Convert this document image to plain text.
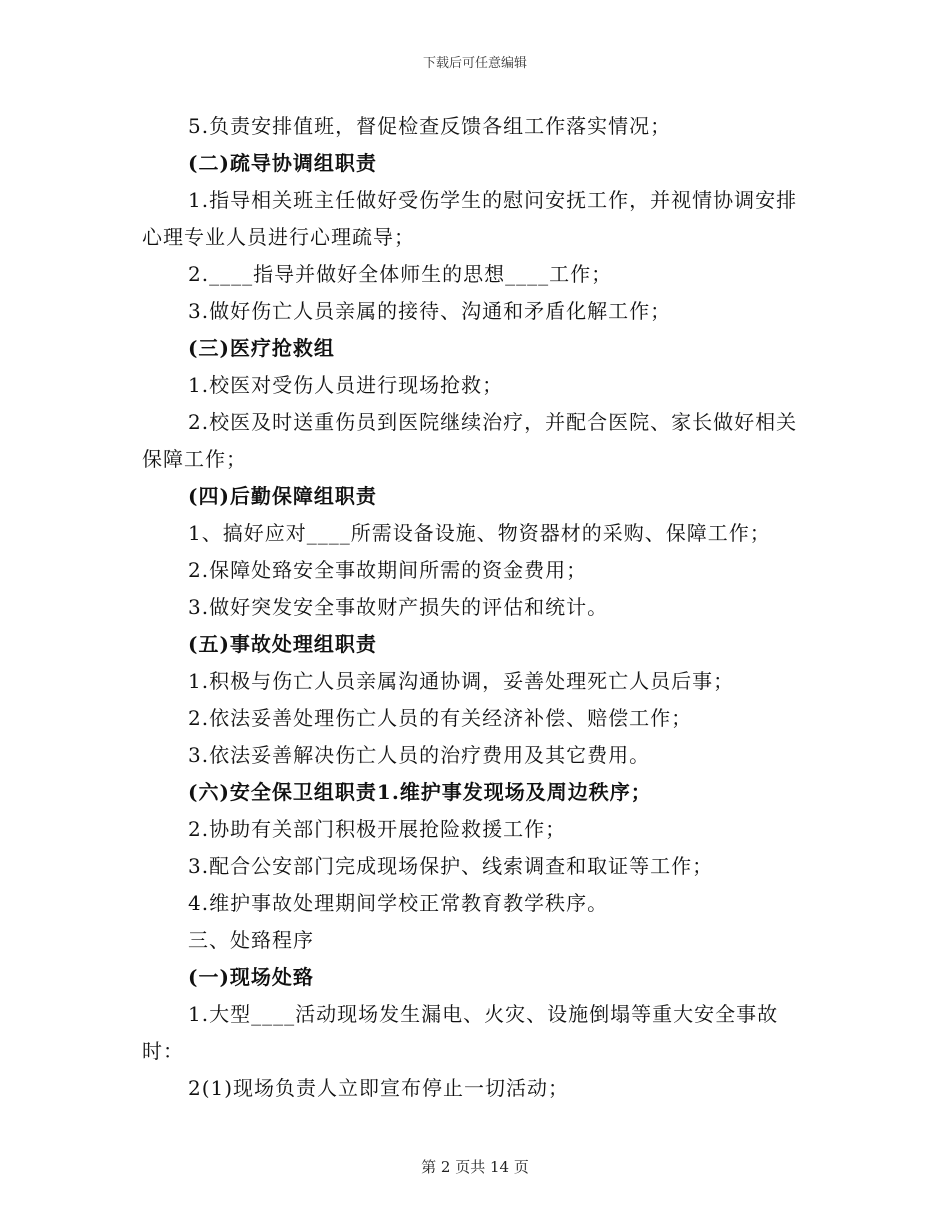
下载后可任意编辑

5.负责安排值班，督促检查反馈各组工作落实情况；

(二)疏导协调组职责

1.指导相关班主任做好受伤学生的慰问安抚工作，并视情协调安排心理专业人员进行心理疏导；

2.____指导并做好全体师生的思想____工作；

3.做好伤亡人员亲属的接待、沟通和矛盾化解工作；

(三)医疗抢救组

1.校医对受伤人员进行现场抢救；

2.校医及时送重伤员到医院继续治疗，并配合医院、家长做好相关保障工作；

(四)后勤保障组职责

1、搞好应对____所需设备设施、物资器材的采购、保障工作；

2.保障处臵安全事故期间所需的资金费用；

3.做好突发安全事故财产损失的评估和统计。

(五)事故处理组职责

1.积极与伤亡人员亲属沟通协调，妥善处理死亡人员后事；

2.依法妥善处理伤亡人员的有关经济补偿、赔偿工作；

3.依法妥善解决伤亡人员的治疗费用及其它费用。

(六)安全保卫组职责1.维护事发现场及周边秩序；

2.协助有关部门积极开展抢险救援工作；

3.配合公安部门完成现场保护、线索调查和取证等工作；

4.维护事故处理期间学校正常教育教学秩序。

三、处臵程序

(一)现场处臵

1.大型____活动现场发生漏电、火灾、设施倒塌等重大安全事故时：

2(1)现场负责人立即宣布停止一切活动；

第 2 页共 14 页
